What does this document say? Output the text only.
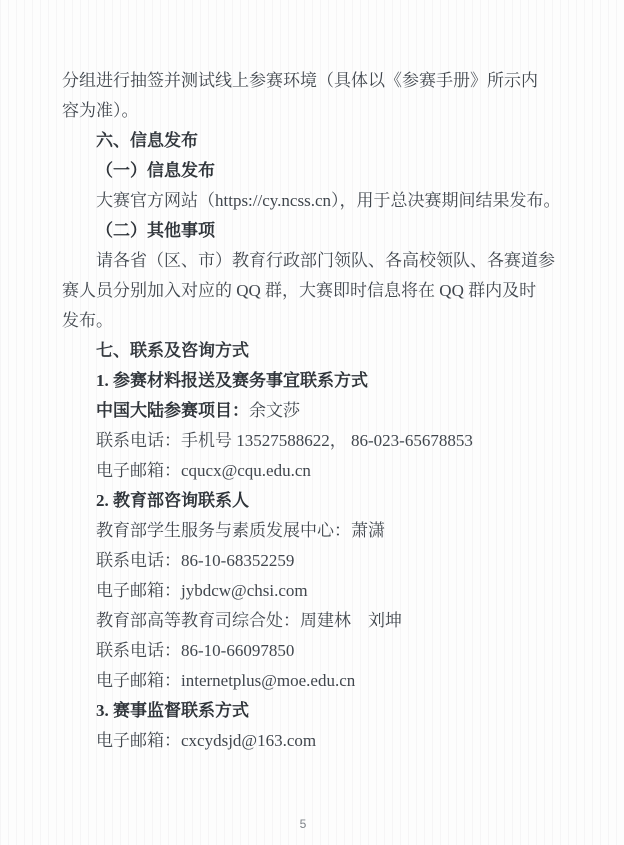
分组进行抽签并测试线上参赛环境（具体以《参赛手册》所示内
容为准）。
六、信息发布
（一）信息发布
大赛官方网站（https://cy.ncss.cn），用于总决赛期间结果发布。
（二）其他事项
请各省（区、市）教育行政部门领队、各高校领队、各赛道参
赛人员分别加入对应的 QQ 群，大赛即时信息将在 QQ 群内及时
发布。
七、联系及咨询方式
1. 参赛材料报送及赛务事宜联系方式
中国大陆参赛项目：余文莎
联系电话：手机号 13527588622， 86-023-65678853
电子邮箱：cqucx@cqu.edu.cn
2. 教育部咨询联系人
教育部学生服务与素质发展中心：萧潇
联系电话：86-10-68352259
电子邮箱：jybdcw@chsi.com
教育部高等教育司综合处：周建林　刘坤
联系电话：86-10-66097850
电子邮箱：internetplus@moe.edu.cn
3. 赛事监督联系方式
电子邮箱：cxcydsjd@163.com
5
